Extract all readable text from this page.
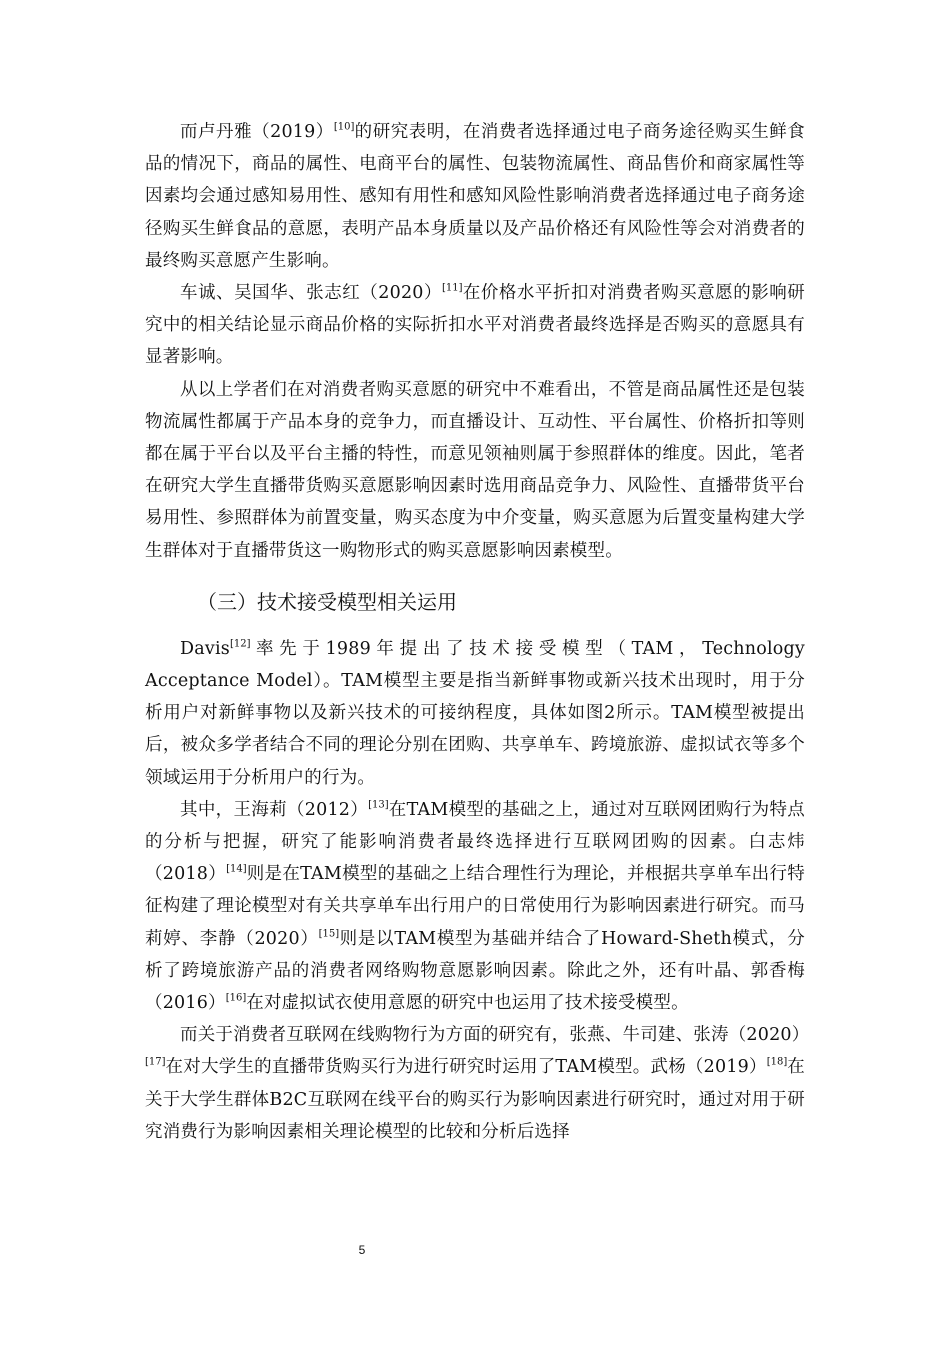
而卢丹雅（2019）[10]的研究表明，在消费者选择通过电子商务途径购买生鲜食品的情况下，商品的属性、电商平台的属性、包装物流属性、商品售价和商家属性等因素均会通过感知易用性、感知有用性和感知风险性影响消费者选择通过电子商务途径购买生鲜食品的意愿，表明产品本身质量以及产品价格还有风险性等会对消费者的最终购买意愿产生影响。

车诚、吴国华、张志红（2020）[11]在价格水平折扣对消费者购买意愿的影响研究中的相关结论显示商品价格的实际折扣水平对消费者最终选择是否购买的意愿具有显著影响。

从以上学者们在对消费者购买意愿的研究中不难看出，不管是商品属性还是包装物流属性都属于产品本身的竞争力，而直播设计、互动性、平台属性、价格折扣等则都在属于平台以及平台主播的特性，而意见领袖则属于参照群体的维度。因此，笔者在研究大学生直播带货购买意愿影响因素时选用商品竞争力、风险性、直播带货平台易用性、参照群体为前置变量，购买态度为中介变量，购买意愿为后置变量构建大学生群体对于直播带货这一购物形式的购买意愿影响因素模型。

（三）技术接受模型相关运用

Davis[12]率先于1989年提出了技术接受模型（TAM，Technology Acceptance Model）。TAM模型主要是指当新鲜事物或新兴技术出现时，用于分析用户对新鲜事物以及新兴技术的可接纳程度，具体如图2所示。TAM模型被提出后，被众多学者结合不同的理论分别在团购、共享单车、跨境旅游、虚拟试衣等多个领域运用于分析用户的行为。

其中，王海莉（2012）[13]在TAM模型的基础之上，通过对互联网团购行为特点的分析与把握，研究了能影响消费者最终选择进行互联网团购的因素。白志炜（2018）[14]则是在TAM模型的基础之上结合理性行为理论，并根据共享单车出行特征构建了理论模型对有关共享单车出行用户的日常使用行为影响因素进行研究。而马莉婷、李静（2020）[15]则是以TAM模型为基础并结合了Howard-Sheth模式，分析了跨境旅游产品的消费者网络购物意愿影响因素。除此之外，还有叶晶、郭香梅（2016）[16]在对虚拟试衣使用意愿的研究中也运用了技术接受模型。

而关于消费者互联网在线购物行为方面的研究有，张燕、牛司建、张涛（2020）[17]在对大学生的直播带货购买行为进行研究时运用了TAM模型。武杨（2019）[18]在关于大学生群体B2C互联网在线平台的购买行为影响因素进行研究时，通过对用于研究消费行为影响因素相关理论模型的比较和分析后选择

5
